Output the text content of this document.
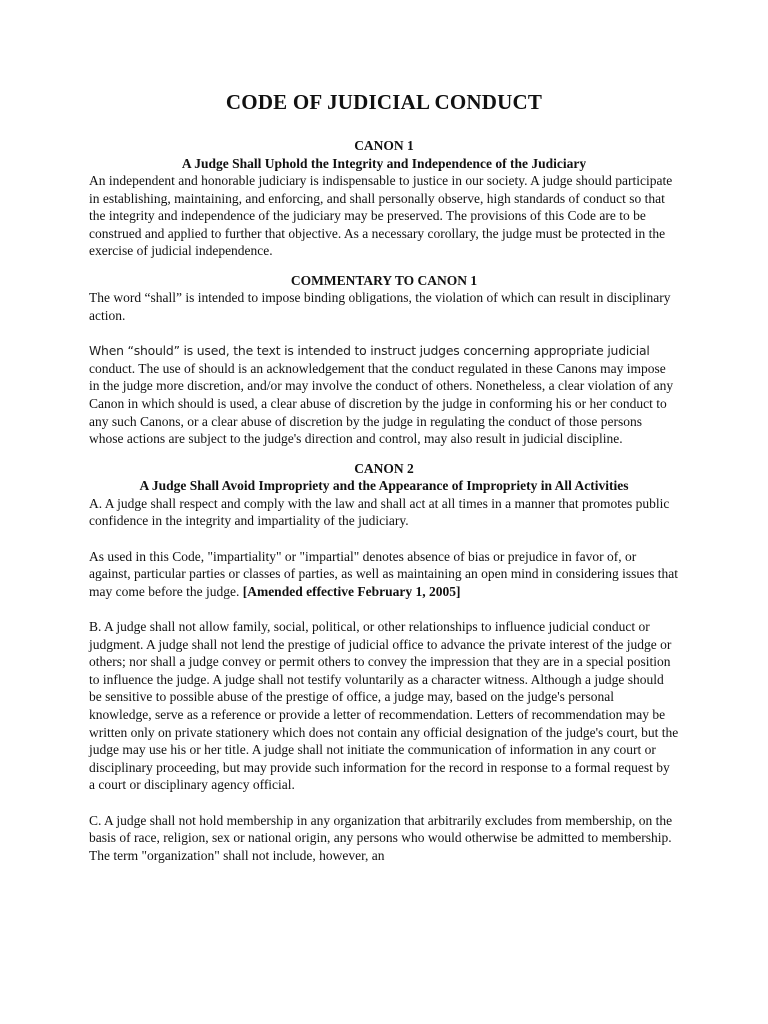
CODE OF JUDICIAL CONDUCT
CANON 1
A Judge Shall Uphold the Integrity and Independence of the Judiciary

An independent and honorable judiciary is indispensable to justice in our society. A judge should participate in establishing, maintaining, and enforcing, and shall personally observe, high standards of conduct so that the integrity and independence of the judiciary may be preserved. The provisions of this Code are to be construed and applied to further that objective. As a necessary corollary, the judge must be protected in the exercise of judicial independence.

COMMENTARY TO CANON 1

The word “shall” is intended to impose binding obligations, the violation of which can result in disciplinary action.

When “should” is used, the text is intended to instruct judges concerning appropriate judicial conduct. The use of should is an acknowledgement that the conduct regulated in these Canons may impose in the judge more discretion, and/or may involve the conduct of others. Nonetheless, a clear violation of any Canon in which should is used, a clear abuse of discretion by the judge in conforming his or her conduct to any such Canons, or a clear abuse of discretion by the judge in regulating the conduct of those persons whose actions are subject to the judge's direction and control, may also result in judicial discipline.

CANON 2
A Judge Shall Avoid Impropriety and the Appearance of Impropriety in All Activities

A. A judge shall respect and comply with the law and shall act at all times in a manner that promotes public confidence in the integrity and impartiality of the judiciary.

As used in this Code, "impartiality" or "impartial" denotes absence of bias or prejudice in favor of, or against, particular parties or classes of parties, as well as maintaining an open mind in considering issues that may come before the judge. [Amended effective February 1, 2005]

B. A judge shall not allow family, social, political, or other relationships to influence judicial conduct or judgment. A judge shall not lend the prestige of judicial office to advance the private interest of the judge or others; nor shall a judge convey or permit others to convey the impression that they are in a special position to influence the judge. A judge shall not testify voluntarily as a character witness. Although a judge should be sensitive to possible abuse of the prestige of office, a judge may, based on the judge's personal knowledge, serve as a reference or provide a letter of recommendation. Letters of recommendation may be written only on private stationery which does not contain any official designation of the judge's court, but the judge may use his or her title. A judge shall not initiate the communication of information in any court or disciplinary proceeding, but may provide such information for the record in response to a formal request by a court or disciplinary agency official.

C. A judge shall not hold membership in any organization that arbitrarily excludes from membership, on the basis of race, religion, sex or national origin, any persons who would otherwise be admitted to membership. The term "organization" shall not include, however, an
